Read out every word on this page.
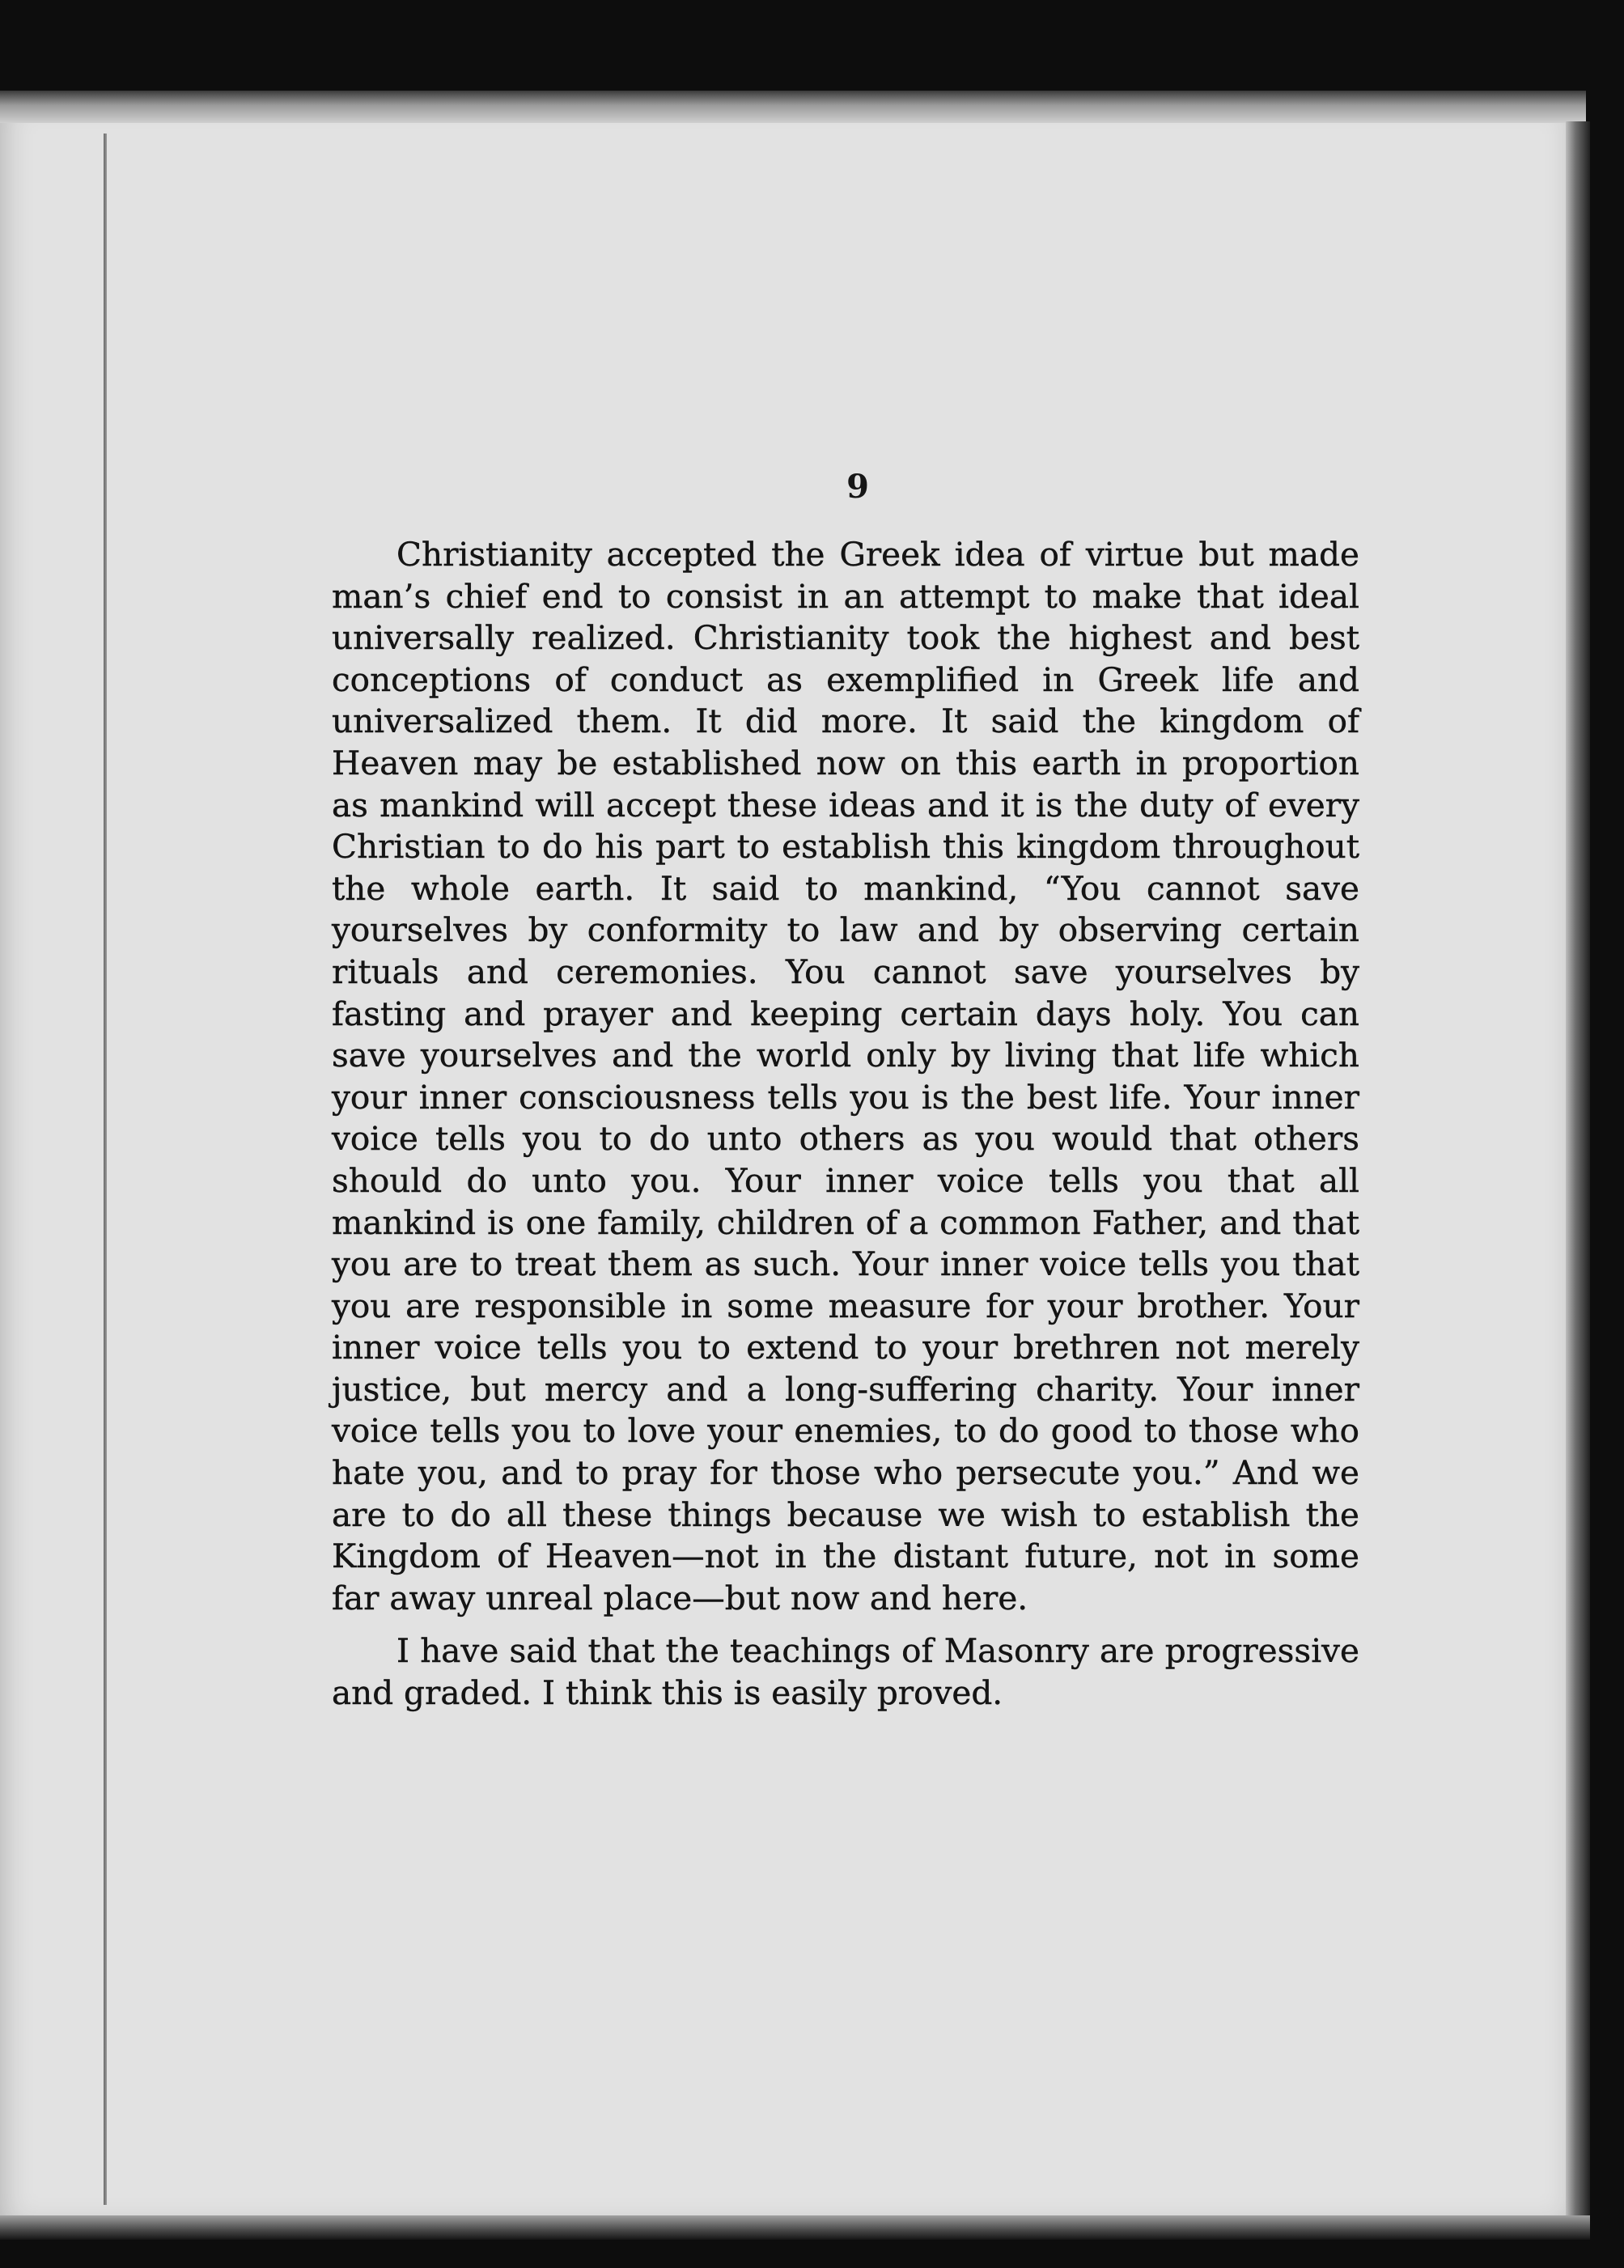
9

Christianity accepted the Greek idea of virtue but made man’s chief end to consist in an attempt to make that ideal universally realized. Christianity took the highest and best conceptions of conduct as exemplified in Greek life and universalized them. It did more. It said the kingdom of Heaven may be established now on this earth in proportion as mankind will accept these ideas and it is the duty of every Christian to do his part to establish this kingdom throughout the whole earth. It said to mankind, “You cannot save yourselves by conformity to law and by observing certain rituals and ceremonies. You cannot save yourselves by fasting and prayer and keeping certain days holy. You can save yourselves and the world only by living that life which your inner consciousness tells you is the best life. Your inner voice tells you to do unto others as you would that others should do unto you. Your inner voice tells you that all mankind is one family, children of a common Father, and that you are to treat them as such. Your inner voice tells you that you are responsible in some measure for your brother. Your inner voice tells you to extend to your brethren not merely justice, but mercy and a long-suffering charity. Your inner voice tells you to love your enemies, to do good to those who hate you, and to pray for those who persecute you.” And we are to do all these things because we wish to establish the Kingdom of Heaven—not in the distant future, not in some far away unreal place—but now and here.

I have said that the teachings of Masonry are progressive and graded. I think this is easily proved.
